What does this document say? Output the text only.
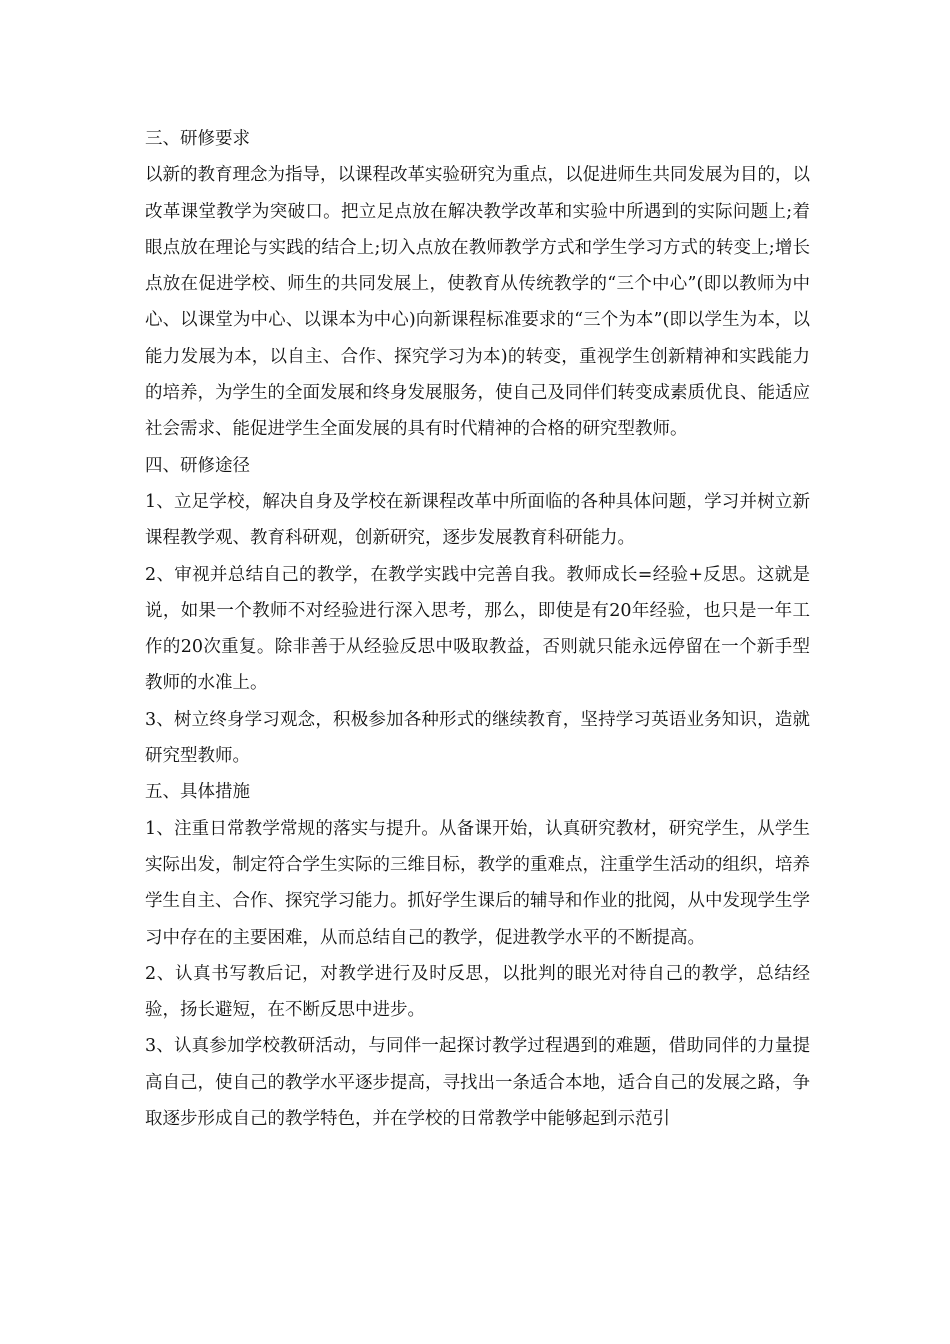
三、研修要求

以新的教育理念为指导，以课程改革实验研究为重点，以促进师生共同发展为目的，以改革课堂教学为突破口。把立足点放在解决教学改革和实验中所遇到的实际问题上;着眼点放在理论与实践的结合上;切入点放在教师教学方式和学生学习方式的转变上;增长点放在促进学校、师生的共同发展上，使教育从传统教学的“三个中心”(即以教师为中心、以课堂为中心、以课本为中心)向新课程标准要求的“三个为本”(即以学生为本，以能力发展为本，以自主、合作、探究学习为本)的转变，重视学生创新精神和实践能力的培养，为学生的全面发展和终身发展服务，使自己及同伴们转变成素质优良、能适应社会需求、能促进学生全面发展的具有时代精神的合格的研究型教师。

四、研修途径

1、立足学校，解决自身及学校在新课程改革中所面临的各种具体问题，学习并树立新课程教学观、教育科研观，创新研究，逐步发展教育科研能力。

2、审视并总结自己的教学，在教学实践中完善自我。教师成长=经验+反思。这就是说，如果一个教师不对经验进行深入思考，那么，即使是有20年经验，也只是一年工作的20次重复。除非善于从经验反思中吸取教益，否则就只能永远停留在一个新手型教师的水准上。

3、树立终身学习观念，积极参加各种形式的继续教育，坚持学习英语业务知识，造就研究型教师。

五、具体措施

1、注重日常教学常规的落实与提升。从备课开始，认真研究教材，研究学生，从学生实际出发，制定符合学生实际的三维目标，教学的重难点，注重学生活动的组织，培养学生自主、合作、探究学习能力。抓好学生课后的辅导和作业的批阅，从中发现学生学习中存在的主要困难，从而总结自己的教学，促进教学水平的不断提高。

2、认真书写教后记，对教学进行及时反思，以批判的眼光对待自己的教学，总结经验，扬长避短，在不断反思中进步。

3、认真参加学校教研活动，与同伴一起探讨教学过程遇到的难题，借助同伴的力量提高自己，使自己的教学水平逐步提高，寻找出一条适合本地，适合自己的发展之路，争取逐步形成自己的教学特色，并在学校的日常教学中能够起到示范引
